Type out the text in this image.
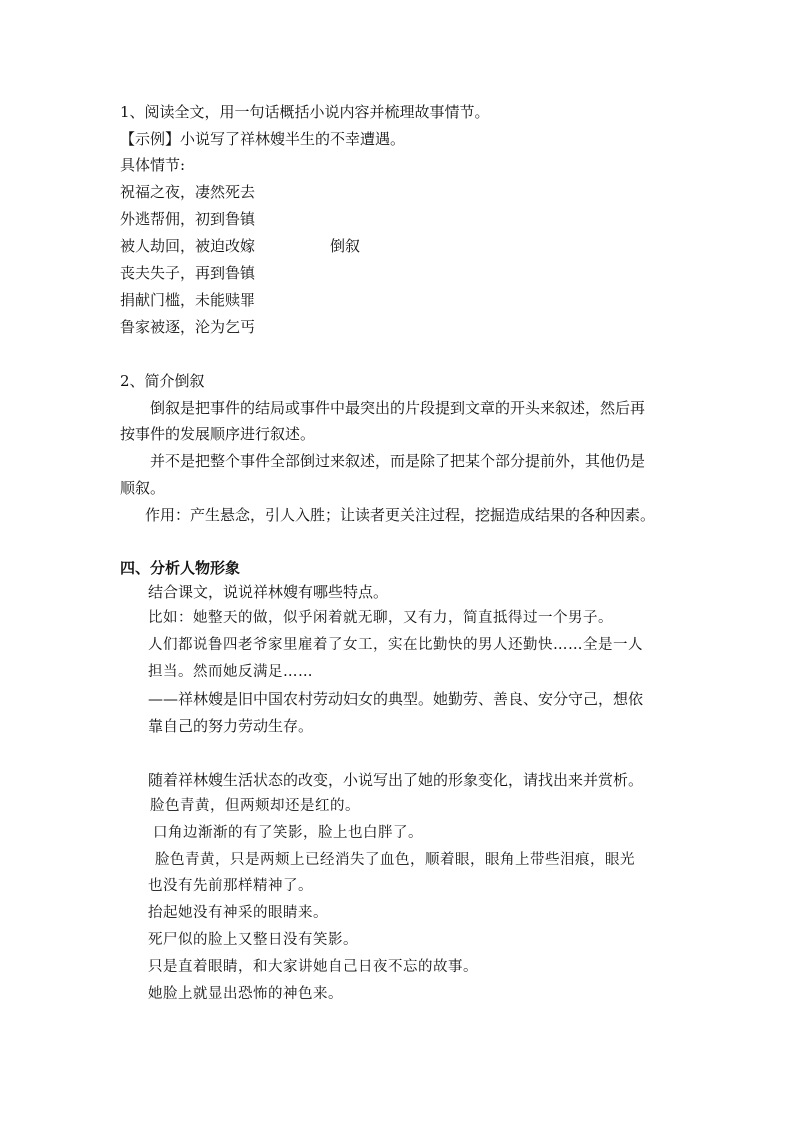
1、阅读全文，用一句话概括小说内容并梳理故事情节。
【示例】小说写了祥林嫂半生的不幸遭遇。
具体情节:
祝福之夜，凄然死去
外逃帮佣，初到鲁镇
被人劫回，被迫改嫁	倒叙
丧夫失子，再到鲁镇
捐献门槛，未能赎罪
鲁家被逐，沦为乞丐
2、简介倒叙
倒叙是把事件的结局或事件中最突出的片段提到文章的开头来叙述，然后再
按事件的发展顺序进行叙述。
并不是把整个事件全部倒过来叙述，而是除了把某个部分提前外，其他仍是
顺叙。
作用：产生悬念，引人入胜；让读者更关注过程，挖掘造成结果的各种因素。
四、分析人物形象
结合课文，说说祥林嫂有哪些特点。
比如：她整天的做，似乎闲着就无聊，又有力，简直抵得过一个男子。
人们都说鲁四老爷家里雇着了女工，实在比勤快的男人还勤快……全是一人
担当。然而她反满足……
——祥林嫂是旧中国农村劳动妇女的典型。她勤劳、善良、安分守己，想依
靠自己的努力劳动生存。
随着祥林嫂生活状态的改变，小说写出了她的形象变化，请找出来并赏析。
脸色青黄，但两颊却还是红的。
口角边渐渐的有了笑影，脸上也白胖了。
脸色青黄，只是两颊上已经消失了血色，顺着眼，眼角上带些泪痕，眼光
也没有先前那样精神了。
抬起她没有神采的眼睛来。
死尸似的脸上又整日没有笑影。
只是直着眼睛，和大家讲她自己日夜不忘的故事。
她脸上就显出恐怖的神色来。
